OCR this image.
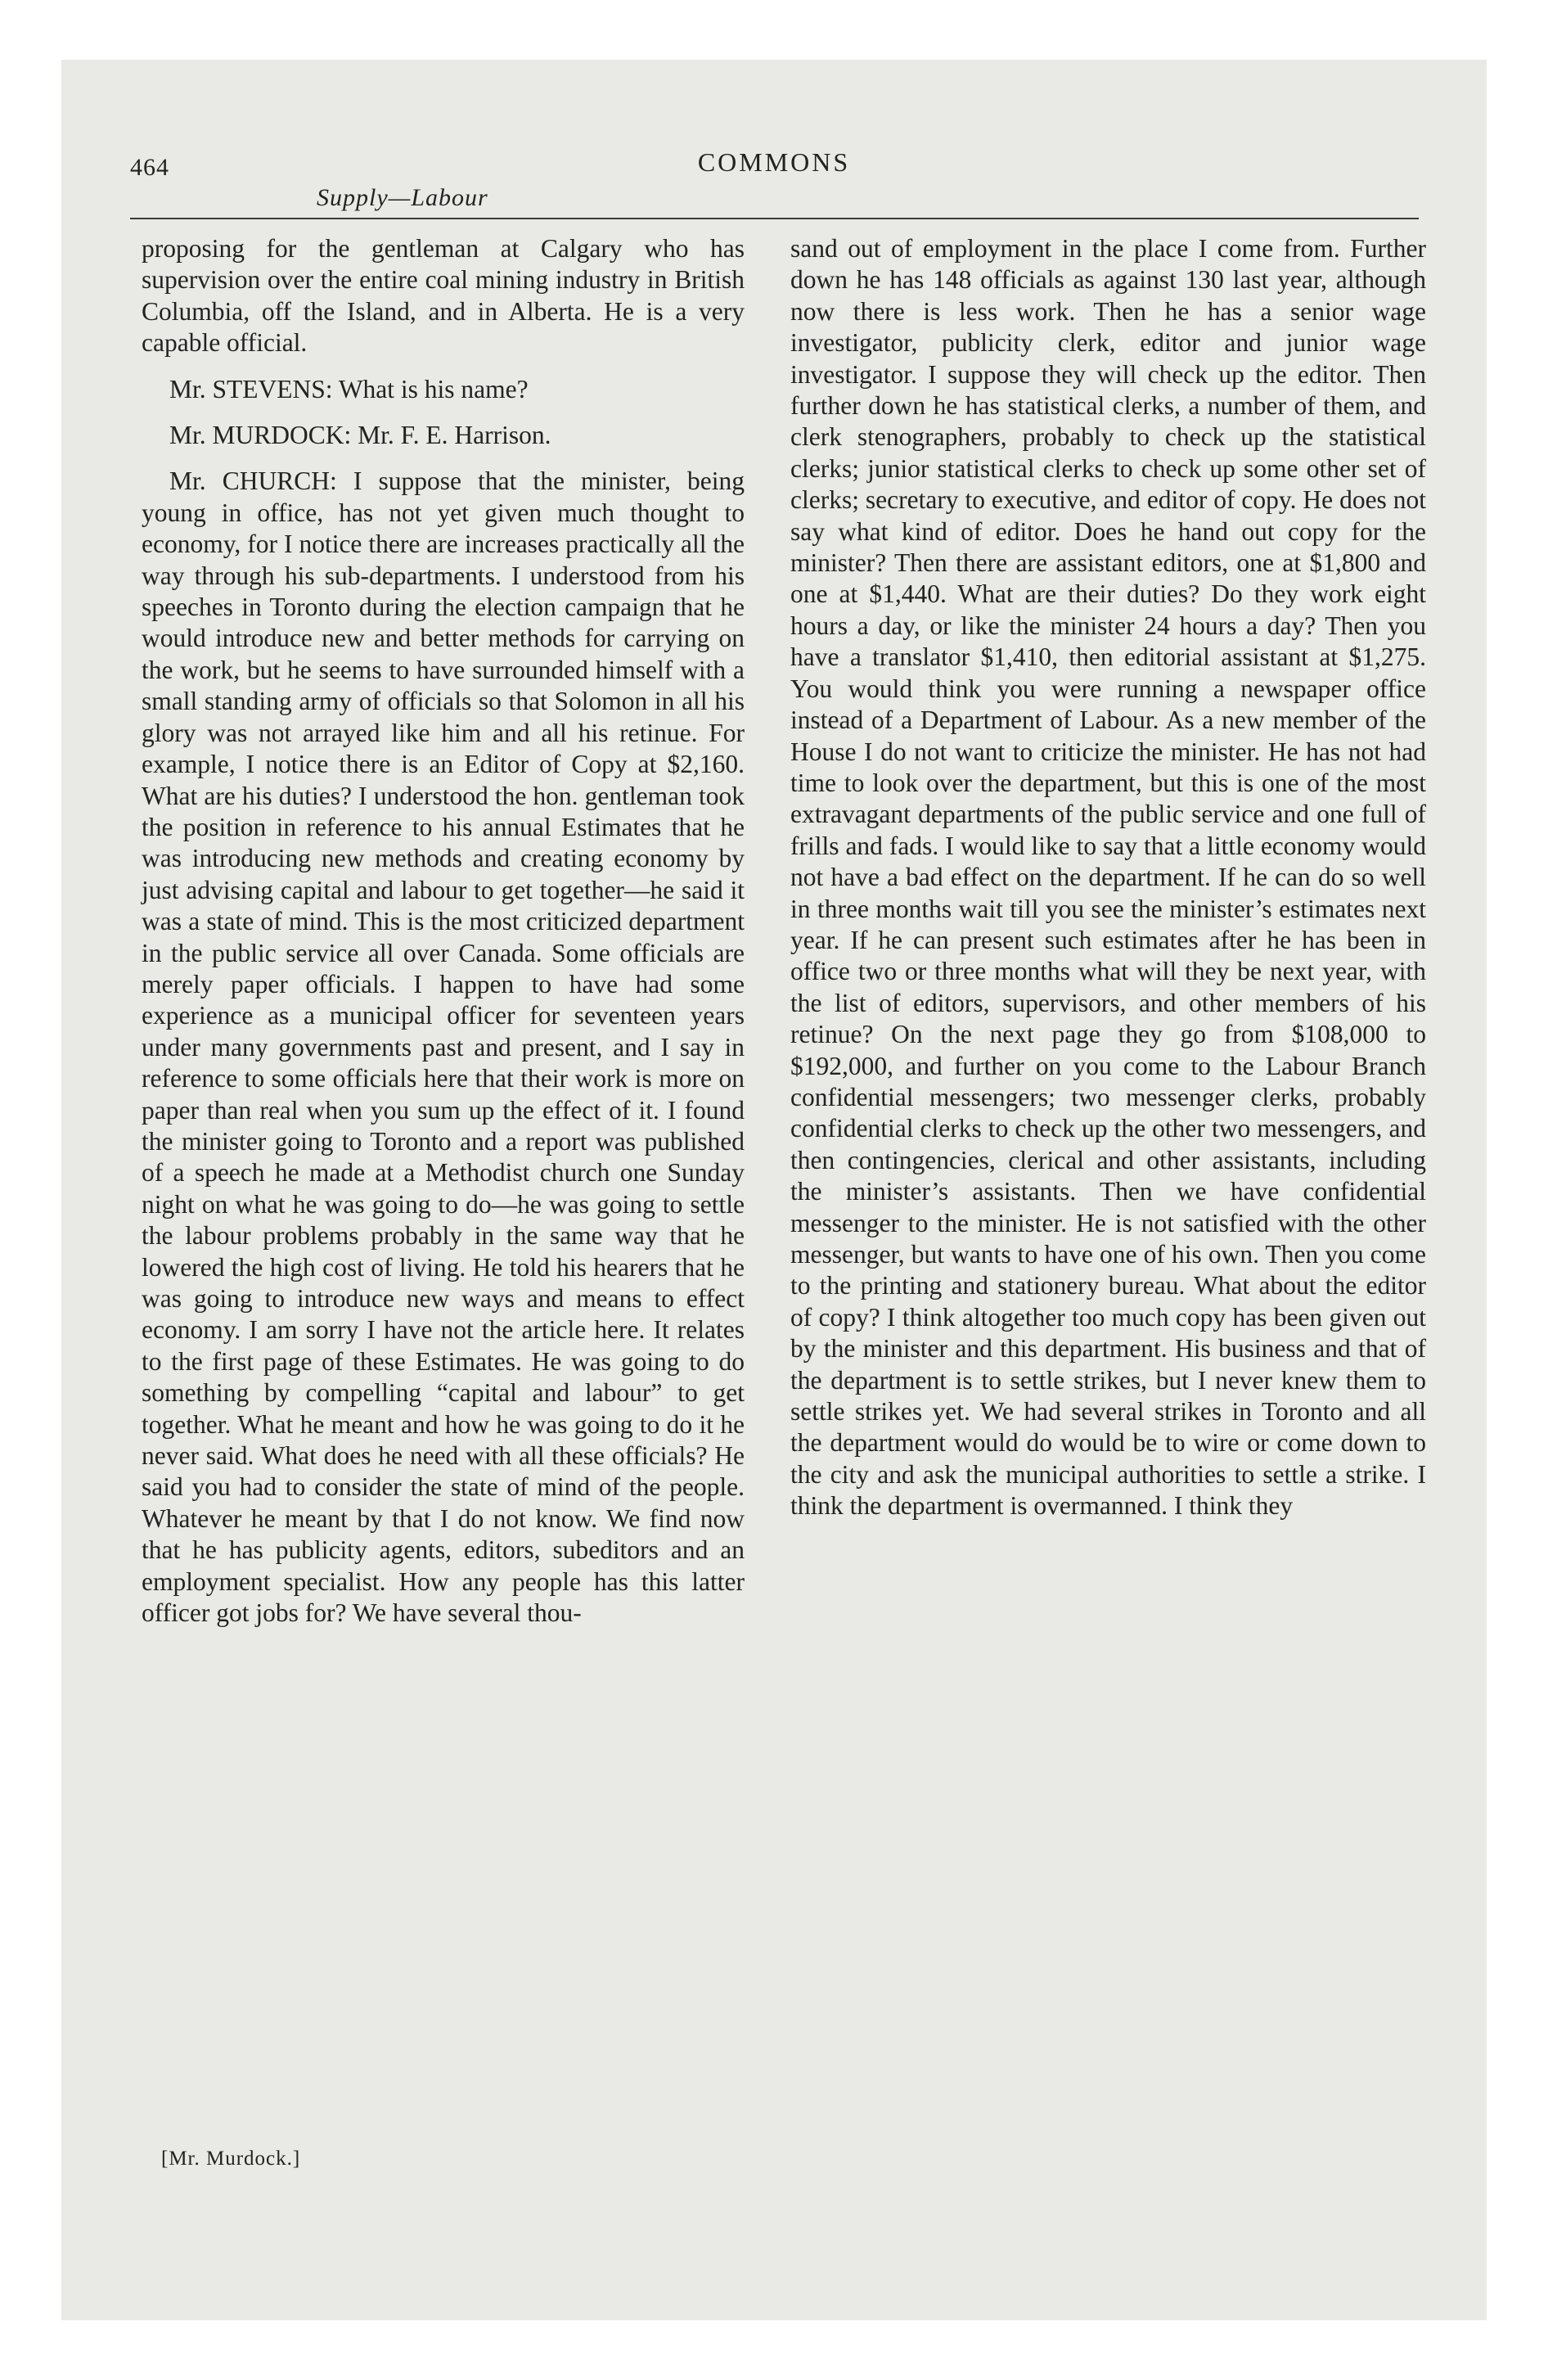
464	COMMONS
Supply—Labour

proposing for the gentleman at Calgary who has supervision over the entire coal mining industry in British Columbia, off the Island, and in Alberta. He is a very capable official.

Mr. STEVENS: What is his name?

Mr. MURDOCK: Mr. F. E. Harrison.

Mr. CHURCH: I suppose that the minister, being young in office, has not yet given much thought to economy, for I notice there are increases practically all the way through his sub-departments. I understood from his speeches in Toronto during the election campaign that he would introduce new and better methods for carrying on the work, but he seems to have surrounded himself with a small standing army of officials so that Solomon in all his glory was not arrayed like him and all his retinue. For example, I notice there is an Editor of Copy at $2,160. What are his duties? I understood the hon. gentleman took the position in reference to his annual Estimates that he was introducing new methods and creating economy by just advising capital and labour to get together—he said it was a state of mind. This is the most criticized department in the public service all over Canada. Some officials are merely paper officials. I happen to have had some experience as a municipal officer for seventeen years under many governments past and present, and I say in reference to some officials here that their work is more on paper than real when you sum up the effect of it. I found the minister going to Toronto and a report was published of a speech he made at a Methodist church one Sunday night on what he was going to do—he was going to settle the labour problems probably in the same way that he lowered the high cost of living. He told his hearers that he was going to introduce new ways and means to effect economy. I am sorry I have not the article here. It relates to the first page of these Estimates. He was going to do something by compelling “capital and labour” to get together. What he meant and how he was going to do it he never said. What does he need with all these officials? He said you had to consider the state of mind of the people. Whatever he meant by that I do not know. We find now that he has publicity agents, editors, subeditors and an employment specialist. How any people has this latter officer got jobs for? We have several thou-

sand out of employment in the place I come from. Further down he has 148 officials as against 130 last year, although now there is less work. Then he has a senior wage investigator, publicity clerk, editor and junior wage investigator. I suppose they will check up the editor. Then further down he has statistical clerks, a number of them, and clerk stenographers, probably to check up the statistical clerks; junior statistical clerks to check up some other set of clerks; secretary to executive, and editor of copy. He does not say what kind of editor. Does he hand out copy for the minister? Then there are assistant editors, one at $1,800 and one at $1,440. What are their duties? Do they work eight hours a day, or like the minister 24 hours a day? Then you have a translator $1,410, then editorial assistant at $1,275. You would think you were running a newspaper office instead of a Department of Labour. As a new member of the House I do not want to criticize the minister. He has not had time to look over the department, but this is one of the most extravagant departments of the public service and one full of frills and fads. I would like to say that a little economy would not have a bad effect on the department. If he can do so well in three months wait till you see the minister’s estimates next year. If he can present such estimates after he has been in office two or three months what will they be next year, with the list of editors, supervisors, and other members of his retinue? On the next page they go from $108,000 to $192,000, and further on you come to the Labour Branch confidential messengers; two messenger clerks, probably confidential clerks to check up the other two messengers, and then contingencies, clerical and other assistants, including the minister’s assistants. Then we have confidential messenger to the minister. He is not satisfied with the other messenger, but wants to have one of his own. Then you come to the printing and stationery bureau. What about the editor of copy? I think altogether too much copy has been given out by the minister and this department. His business and that of the department is to settle strikes, but I never knew them to settle strikes yet. We had several strikes in Toronto and all the department would do would be to wire or come down to the city and ask the municipal authorities to settle a strike. I think the department is overmanned. I think they

[Mr. Murdock.]
